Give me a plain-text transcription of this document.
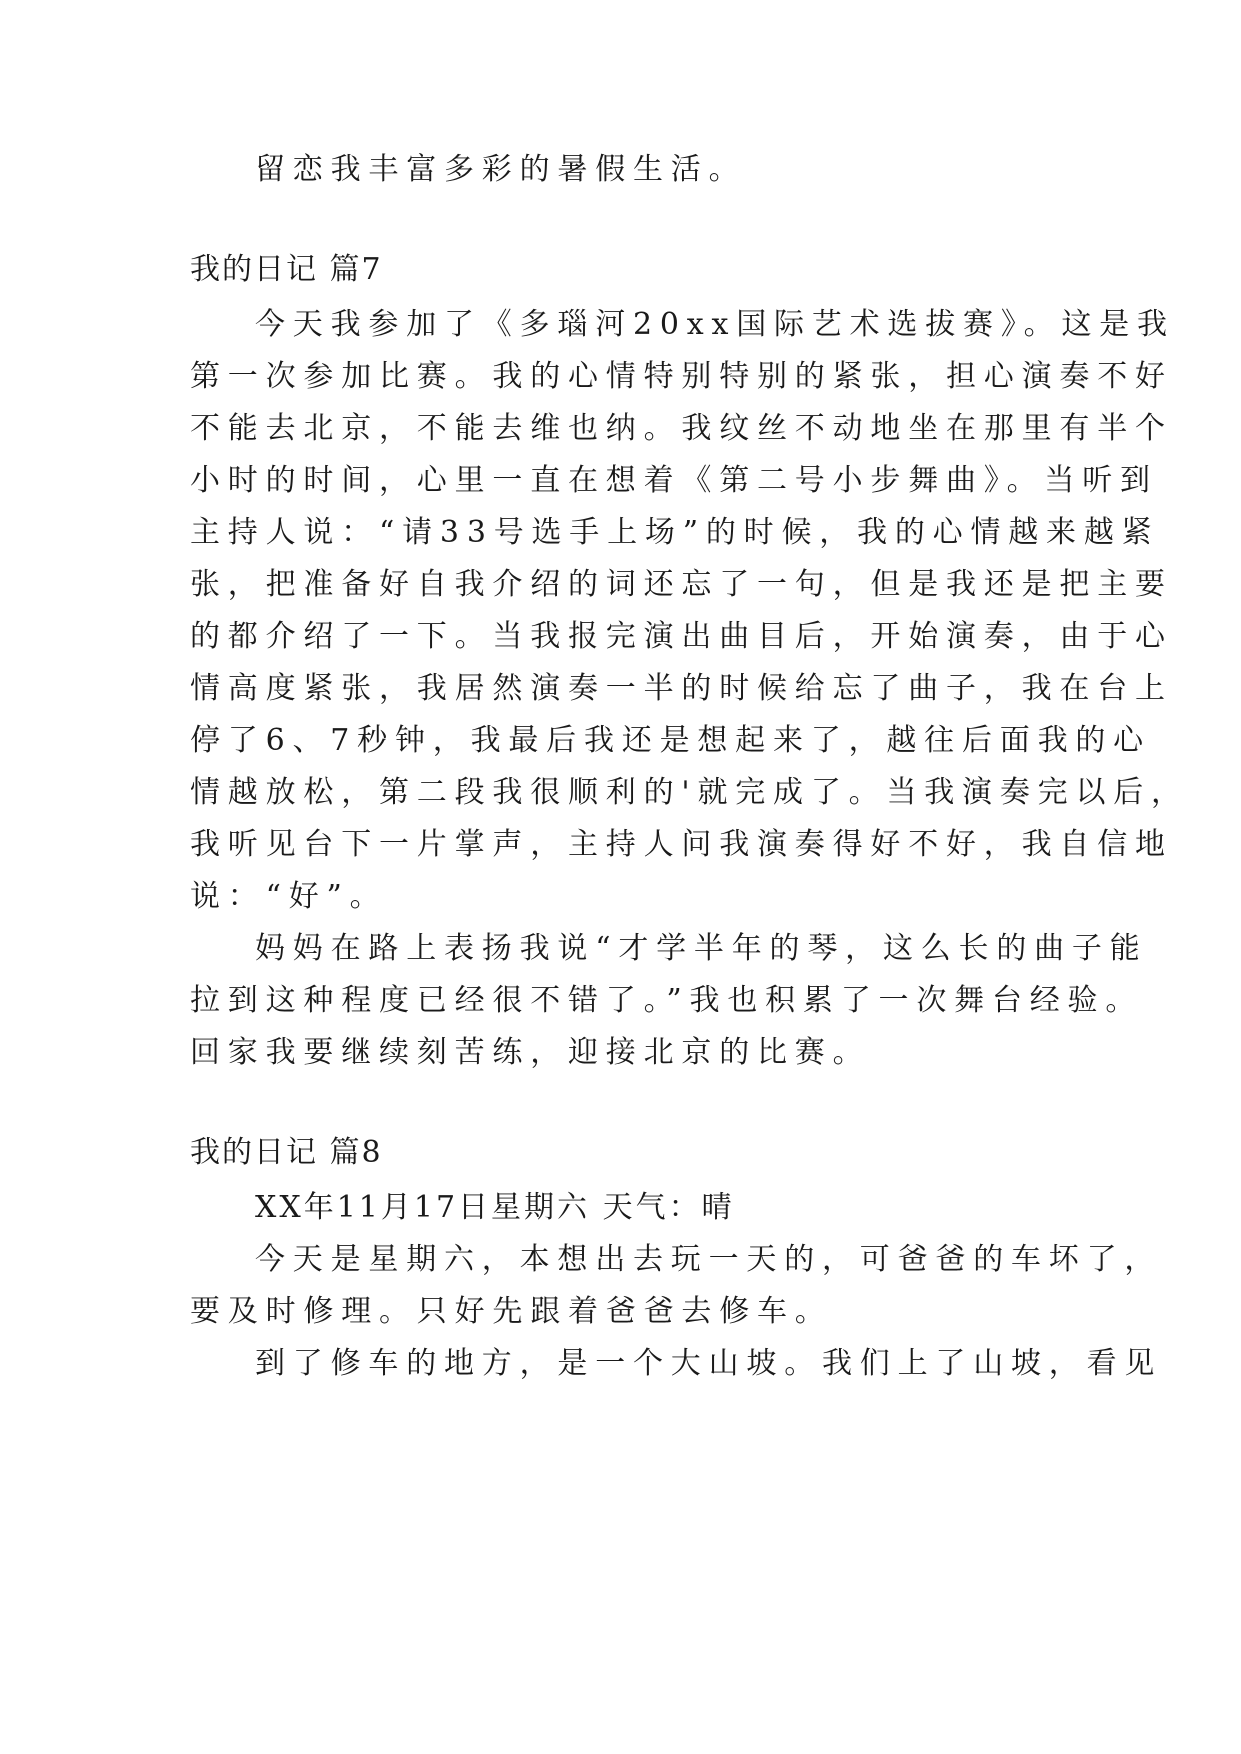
留恋我丰富多彩的暑假生活。
我的日记 篇7
今天我参加了《多瑙河20xx国际艺术选拔赛》。这是我
第一次参加比赛。我的心情特别特别的紧张，担心演奏不好
不能去北京，不能去维也纳。我纹丝不动地坐在那里有半个
小时的时间，心里一直在想着《第二号小步舞曲》。当听到
主持人说：“请33号选手上场”的时候，我的心情越来越紧
张，把准备好自我介绍的词还忘了一句，但是我还是把主要
的都介绍了一下。当我报完演出曲目后，开始演奏，由于心
情高度紧张，我居然演奏一半的时候给忘了曲子，我在台上
停了6、7秒钟，我最后我还是想起来了，越往后面我的心
情越放松，第二段我很顺利的'就完成了。当我演奏完以后，
我听见台下一片掌声，主持人问我演奏得好不好，我自信地
说：“好”。
妈妈在路上表扬我说“才学半年的琴，这么长的曲子能
拉到这种程度已经很不错了。”我也积累了一次舞台经验。
回家我要继续刻苦练，迎接北京的比赛。
我的日记 篇8
XX年11月17日星期六 天气：晴
今天是星期六，本想出去玩一天的，可爸爸的车坏了，
要及时修理。只好先跟着爸爸去修车。
到了修车的地方，是一个大山坡。我们上了山坡，看见
